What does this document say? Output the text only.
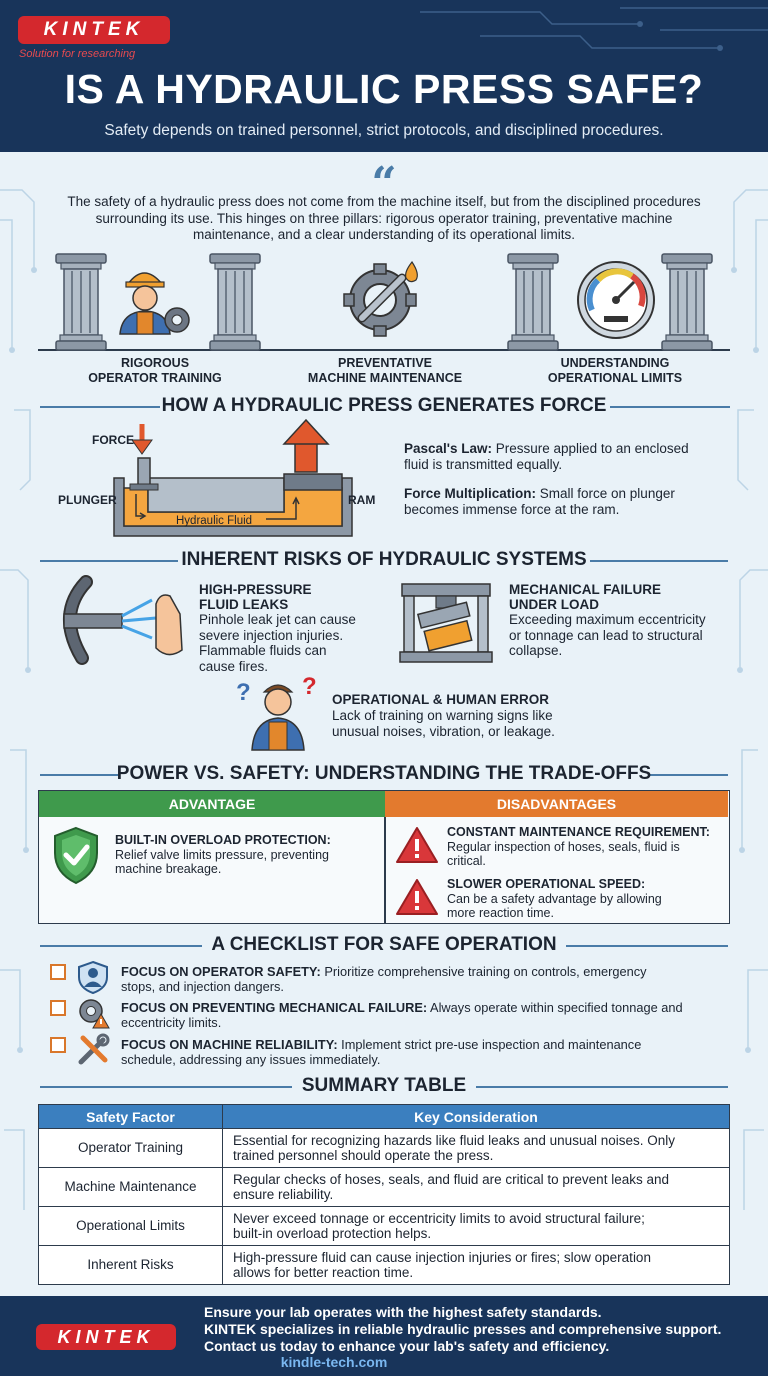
KINTEK
Solution for researching
IS A HYDRAULIC PRESS SAFE?
Safety depends on trained personnel, strict protocols, and disciplined procedures.
“
The safety of a hydraulic press does not come from the machine itself, but from the disciplined procedures surrounding its use. This hinges on three pillars: rigorous operator training, preventative machine maintenance, and a clear understanding of its operational limits.
RIGOROUS
OPERATOR TRAINING
PREVENTATIVE
MACHINE MAINTENANCE
UNDERSTANDING
OPERATIONAL LIMITS
HOW A HYDRAULIC PRESS GENERATES FORCE
FORCE
PLUNGER	RAM
Hydraulic Fluid
Pascal's Law: Pressure applied to an enclosed fluid is transmitted equally.
Force Multiplication: Small force on plunger becomes immense force at the ram.
INHERENT RISKS OF HYDRAULIC SYSTEMS
HIGH-PRESSURE
FLUID LEAKS
Pinhole leak jet can cause
severe injection injuries.
Flammable fluids can
cause fires.
MECHANICAL FAILURE
UNDER LOAD
Exceeding maximum eccentricity
or tonnage can lead to structural
collapse.
? ? OPERATIONAL & HUMAN ERROR
Lack of training on warning signs like
unusual noises, vibration, or leakage.
POWER VS. SAFETY: UNDERSTANDING THE TRADE-OFFS
ADVANTAGE	DISADVANTAGES
BUILT-IN OVERLOAD PROTECTION:
Relief valve limits pressure, preventing
machine breakage.
CONSTANT MAINTENANCE REQUIREMENT:
Regular inspection of hoses, seals, fluid is
critical.
SLOWER OPERATIONAL SPEED:
Can be a safety advantage by allowing
more reaction time.
A CHECKLIST FOR SAFE OPERATION
FOCUS ON OPERATOR SAFETY: Prioritize comprehensive training on controls, emergency
stops, and injection dangers.
FOCUS ON PREVENTING MECHANICAL FAILURE: Always operate within specified tonnage and
eccentricity limits.
FOCUS ON MACHINE RELIABILITY: Implement strict pre-use inspection and maintenance
schedule, addressing any issues immediately.
SUMMARY TABLE
Safety Factor	Key Consideration
Operator Training	Essential for recognizing hazards like fluid leaks and unusual noises. Only
trained personnel should operate the press.

Machine Maintenance	Regular checks of hoses, seals, and fluid are critical to prevent leaks and
ensure reliability.

Operational Limits	Never exceed tonnage or eccentricity limits to avoid structural failure;
built-in overload protection helps.

Inherent Risks	High-pressure fluid can cause injection injuries or fires; slow operation
allows for better reaction time.
KINTEK
Ensure your lab operates with the highest safety standards.
KINTEK specializes in reliable hydraulic presses and comprehensive support.
Contact us today to enhance your lab's safety and efficiency.
kindle-tech.com
